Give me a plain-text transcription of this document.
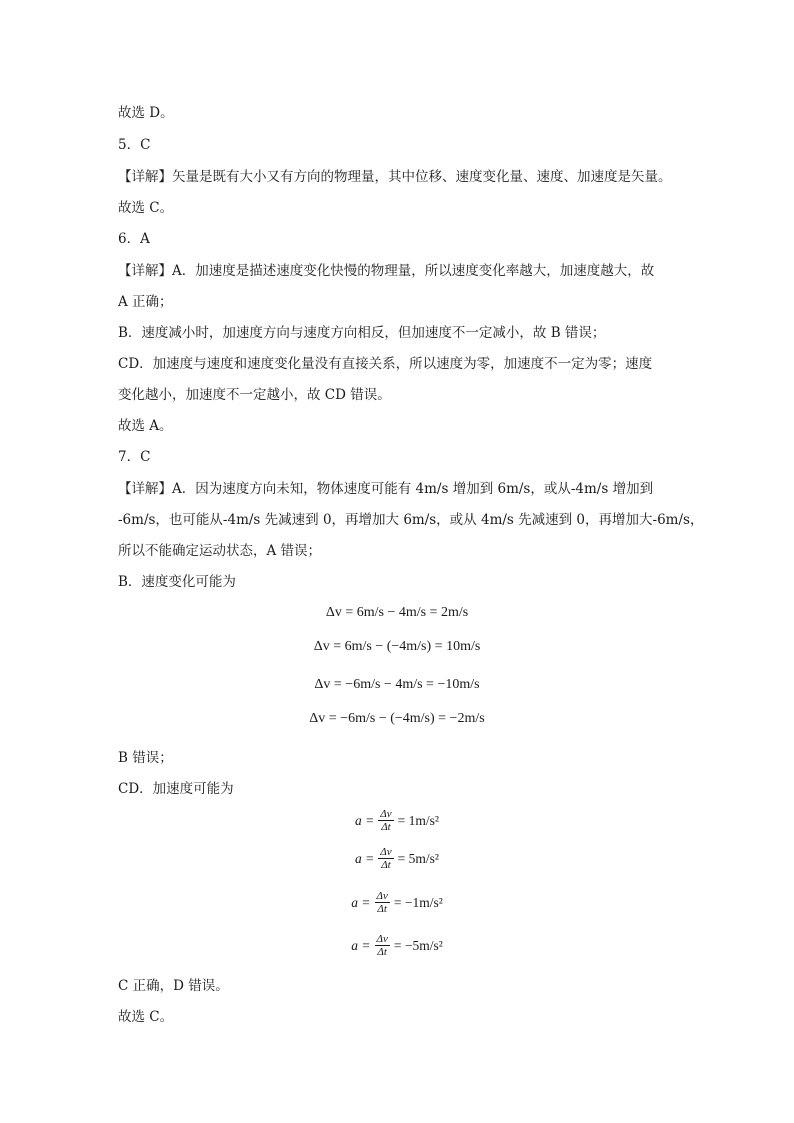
故选 D。
5．C
【详解】矢量是既有大小又有方向的物理量，其中位移、速度变化量、速度、加速度是矢量。
故选 C。
6．A
【详解】A．加速度是描述速度变化快慢的物理量，所以速度变化率越大，加速度越大，故
A 正确；
B．速度减小时，加速度方向与速度方向相反，但加速度不一定减小，故 B 错误；
CD．加速度与速度和速度变化量没有直接关系，所以速度为零，加速度不一定为零；速度
变化越小，加速度不一定越小，故 CD 错误。
故选 A。
7．C
【详解】A．因为速度方向未知，物体速度可能有 4m/s 增加到 6m/s，或从-4m/s 增加到
-6m/s，也可能从-4m/s 先减速到 0，再增加大 6m/s，或从 4m/s 先减速到 0，再增加大-6m/s，
所以不能确定运动状态，A 错误；
B．速度变化可能为
Δv = 6m/s − 4m/s = 2m/s
Δv = 6m/s − (−4m/s) = 10m/s
Δv = −6m/s − 4m/s = −10m/s
Δv = −6m/s − (−4m/s) = −2m/s
B 错误；
CD．加速度可能为
$a = \frac{\Delta v}{\Delta t} = 1m/s^2$
$a = \frac{\Delta v}{\Delta t} = 5m/s^2$
$a = \frac{\Delta v}{\Delta t} = -1m/s^2$
$a = \frac{\Delta v}{\Delta t} = -5m/s^2$
C 正确，D 错误。
故选 C。
